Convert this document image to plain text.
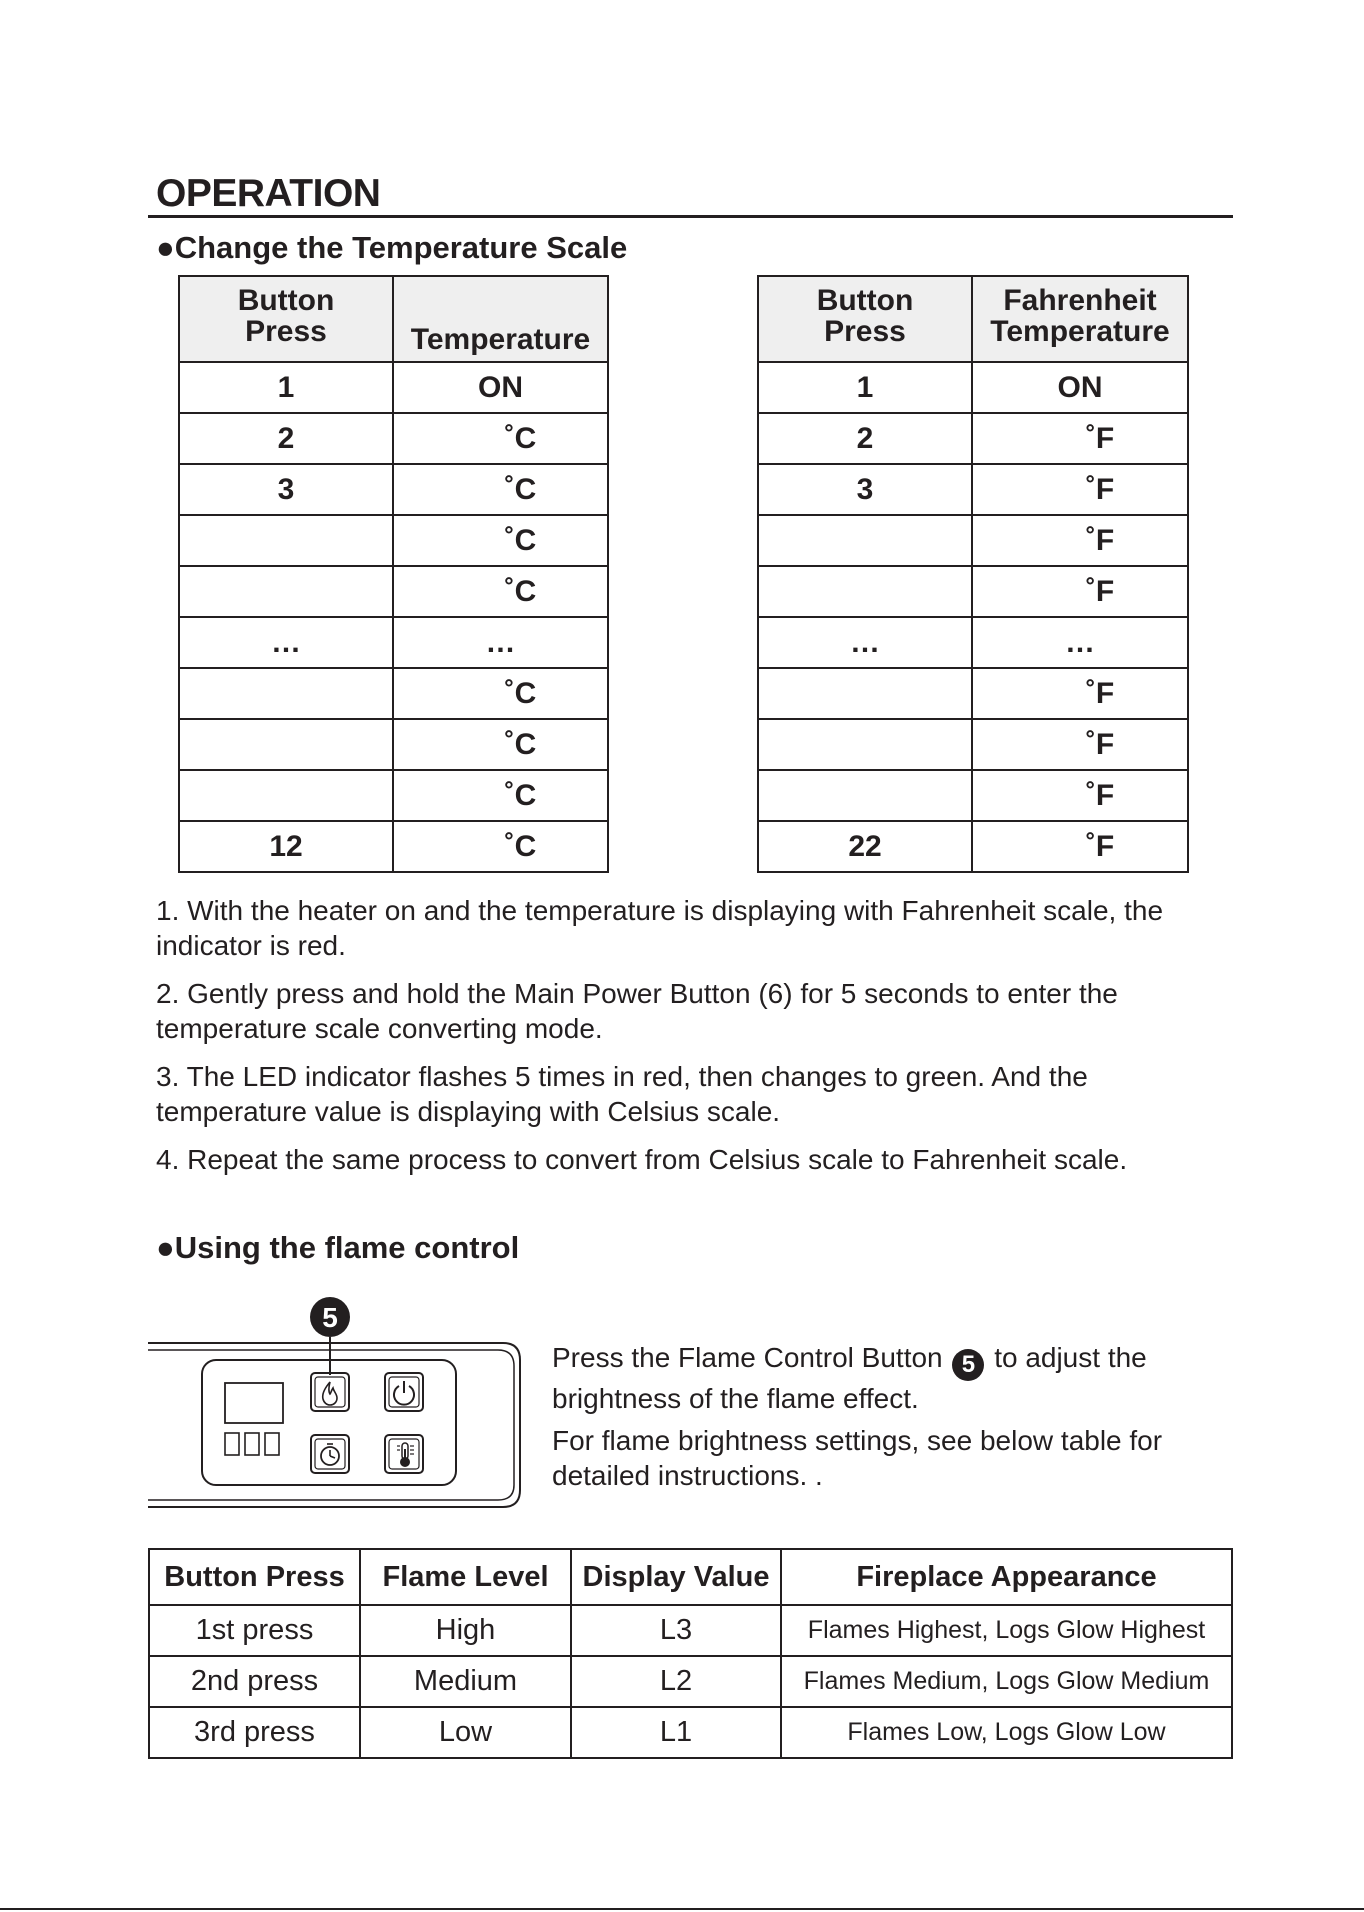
OPERATION
●Change the Temperature Scale
Button
Press	Temperature
1	ON
2	˚C
3	˚C
	˚C
	˚C
…	…
	˚C
	˚C
	˚C
12	˚C
Button
Press	Fahrenheit
Temperature
1	ON
2	˚F
3	˚F
	˚F
	˚F
…	…
	˚F
	˚F
	˚F
22	˚F
1. With the heater on and the temperature is displaying with Fahrenheit scale, the indicator is red.
2. Gently press and hold the Main Power Button (6) for 5 seconds to enter the temperature scale converting mode.
3. The LED indicator flashes 5 times in red, then changes to green. And the temperature value is displaying with Celsius scale.
4. Repeat the same process to convert from Celsius scale to Fahrenheit scale.
●Using the flame control
5
Press the Flame Control Button 5 to adjust the brightness of the flame effect.
For flame brightness settings, see below table for detailed instructions. .
Button Press	Flame Level	Display Value	Fireplace Appearance
1st press	High	L3	Flames Highest, Logs Glow Highest
2nd press	Medium	L2	Flames Medium, Logs Glow Medium
3rd press	Low	L1	Flames Low, Logs Glow Low
